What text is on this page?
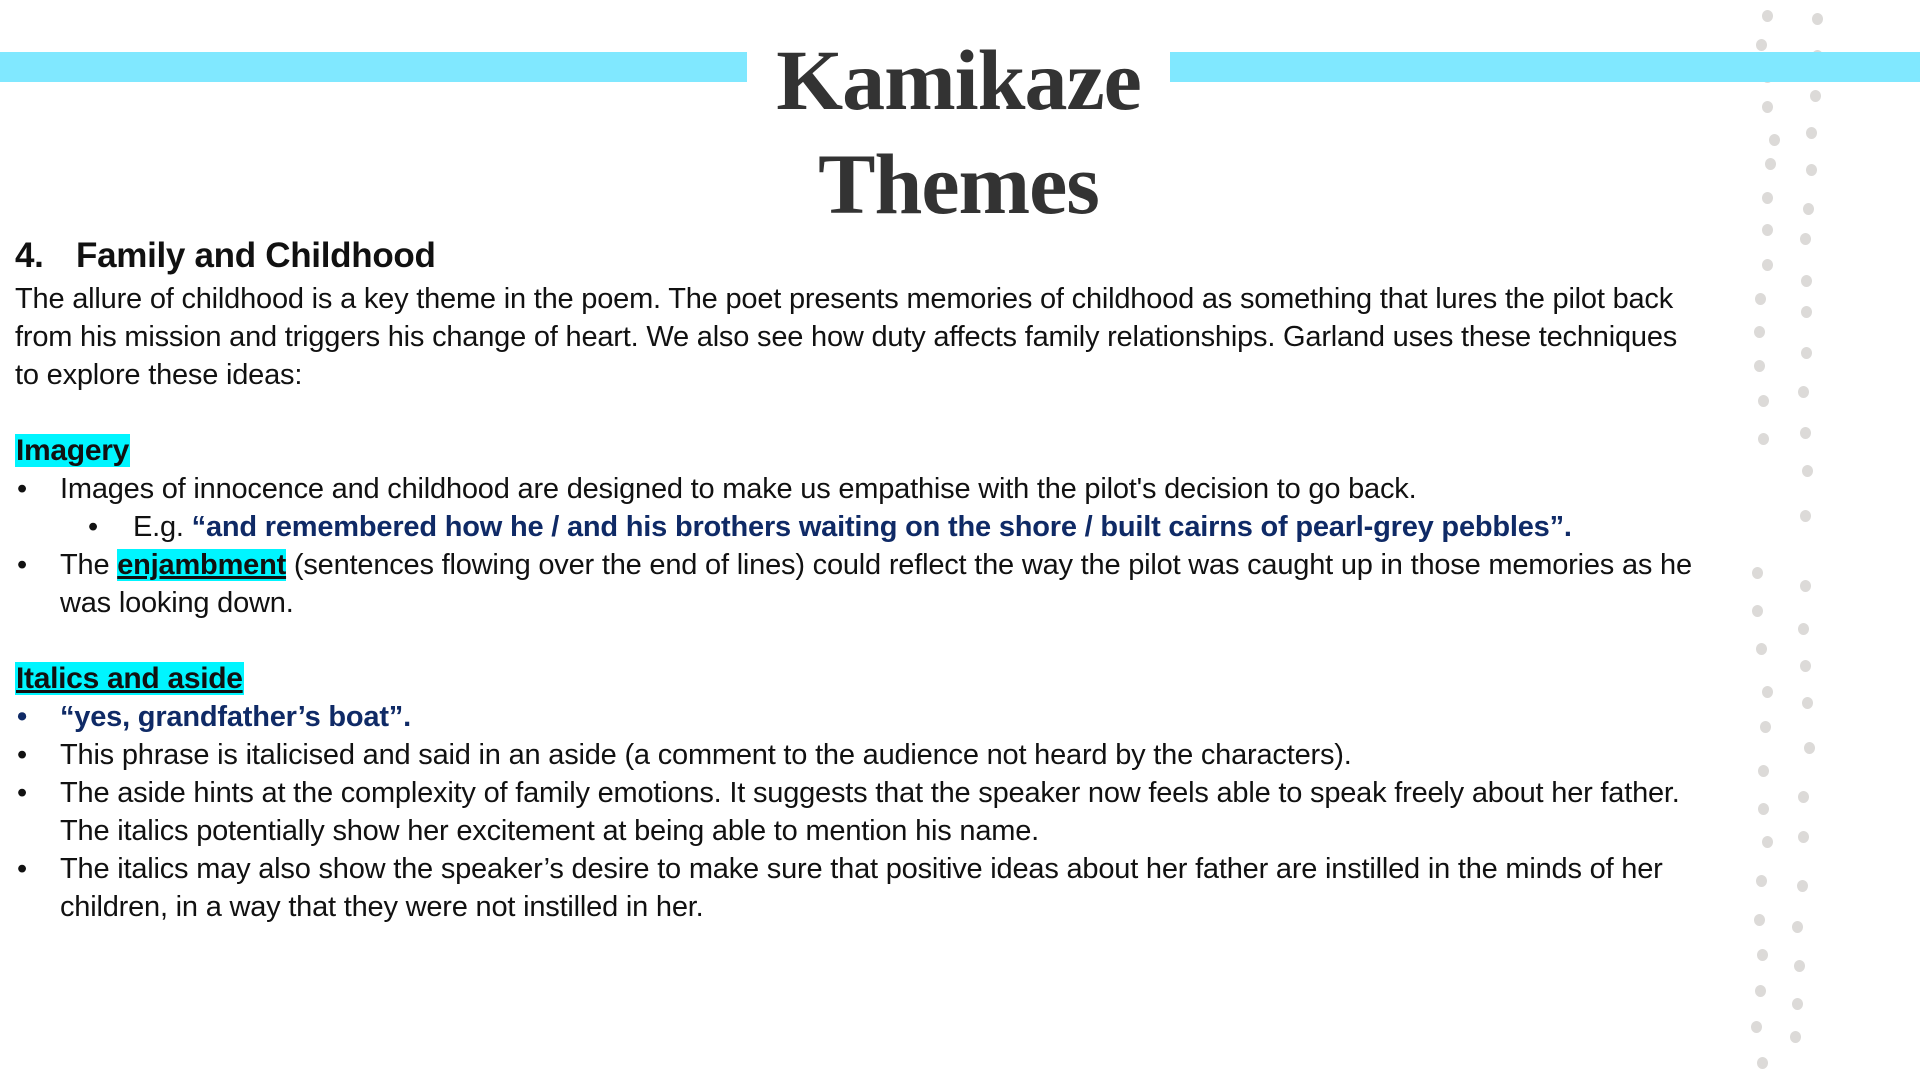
Kamikaze
Themes
4. Family and Childhood
The allure of childhood is a key theme in the poem. The poet presents memories of childhood as something that lures the pilot back from his mission and triggers his change of heart. We also see how duty affects family relationships. Garland uses these techniques to explore these ideas:
Imagery
• Images of innocence and childhood are designed to make us empathise with the pilot's decision to go back.
• E.g. “and remembered how he / and his brothers waiting on the shore / built cairns of pearl-grey pebbles”.
• The enjambment (sentences flowing over the end of lines) could reflect the way the pilot was caught up in those memories as he was looking down.
Italics and aside
• “yes, grandfather’s boat”.
• This phrase is italicised and said in an aside (a comment to the audience not heard by the characters).
• The aside hints at the complexity of family emotions. It suggests that the speaker now feels able to speak freely about her father. The italics potentially show her excitement at being able to mention his name.
• The italics may also show the speaker’s desire to make sure that positive ideas about her father are instilled in the minds of her children, in a way that they were not instilled in her.
